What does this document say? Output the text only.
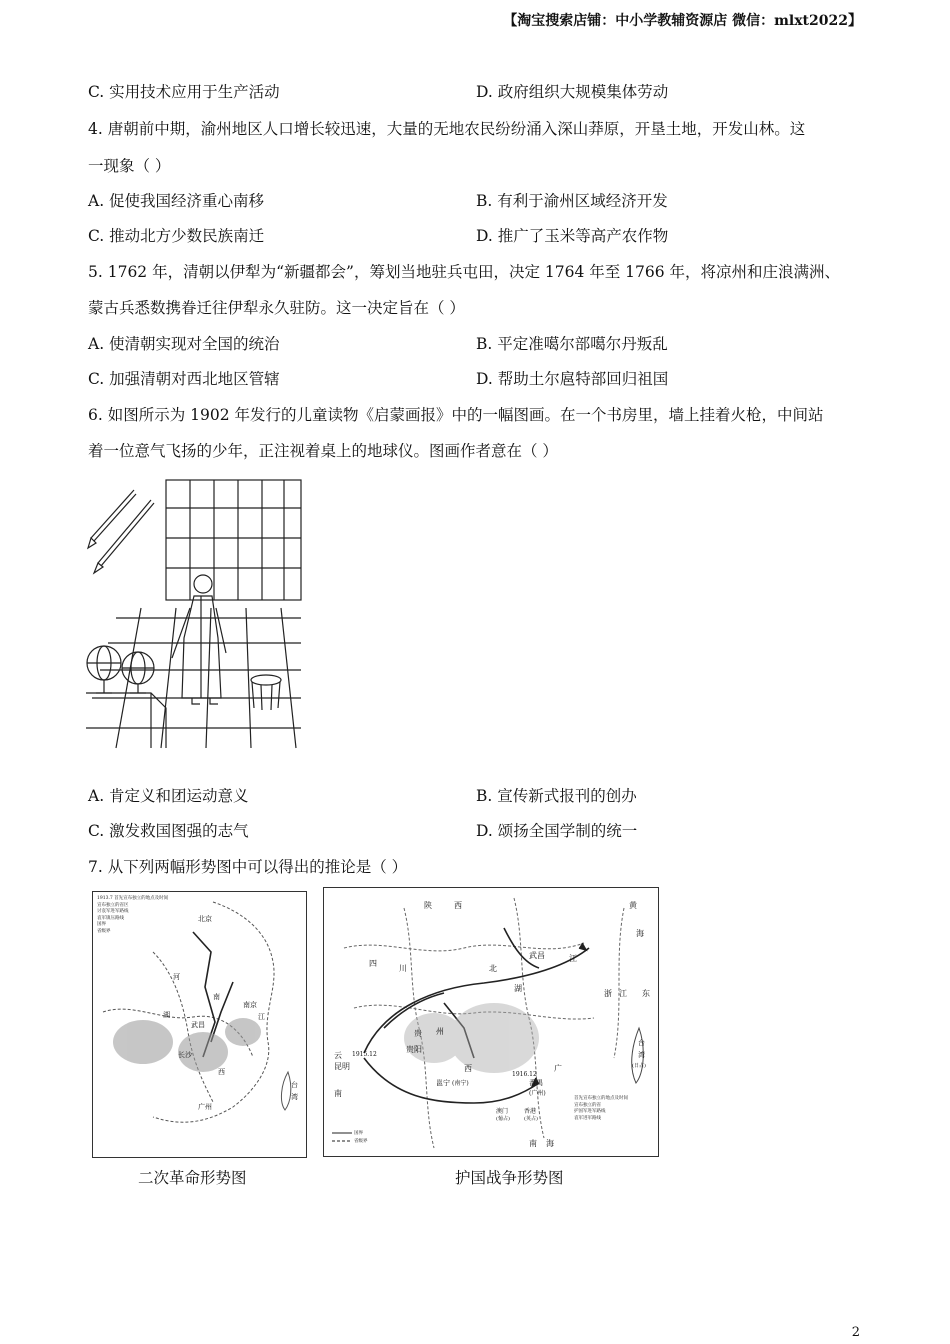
【淘宝搜索店铺：中小学教辅资源店 微信：mlxt2022】
C. 实用技术应用于生产活动	D. 政府组织大规模集体劳动
4. 唐朝前中期，渝州地区人口增长较迅速，大量的无地农民纷纷涌入深山莽原，开垦土地，开发山林。这
一现象（ ）
A. 促使我国经济重心南移	B. 有利于渝州区域经济开发
C. 推动北方少数民族南迁	D. 推广了玉米等高产农作物
5. 1762 年，清朝以伊犁为“新疆都会”，筹划当地驻兵屯田，决定 1764 年至 1766 年，将凉州和庄浪满洲、
蒙古兵悉数携眷迁往伊犁永久驻防。这一决定旨在（ ）
A. 使清朝实现对全国的统治	B. 平定准噶尔部噶尔丹叛乱
C. 加强清朝对西北地区管辖	D. 帮助土尔扈特部回归祖国
6. 如图所示为 1902 年发行的儿童读物《启蒙画报》中的一幅图画。在一个书房里，墙上挂着火枪，中间站
着一位意气飞扬的少年，正注视着桌上的地球仪。图画作者意在（ ）
A. 肯定义和团运动意义	B. 宣传新式报刊的创办
C. 激发救国图强的志气	D. 颂扬全国学制的统一
7. 从下列两幅形势图中可以得出的推论是（ ）
1913.7 首先宣布独立的地点及时间
宣布独立的省区
讨袁军进军路线
袁军镇压路线
国界
省级界
北京
南京
武昌
长沙
广州
湖
南
河
江
西
台
湾
二次革命形势图
首先宣布独立的地点及时间
宣布独立的省
护国军进军路线
袁军进军路线
国界
省级界
陕	西
四
川
湖
北
武昌	江
浙 江 东
黄
海
贵 州
贵阳
云
南
昆明
1915.12
1916.12
邕宁 (南宁)	番禺
(广州)
广
西
台
湾
(日占)
澳门
(葡占)
香港
(英占)
南 海
护国战争形势图
2
